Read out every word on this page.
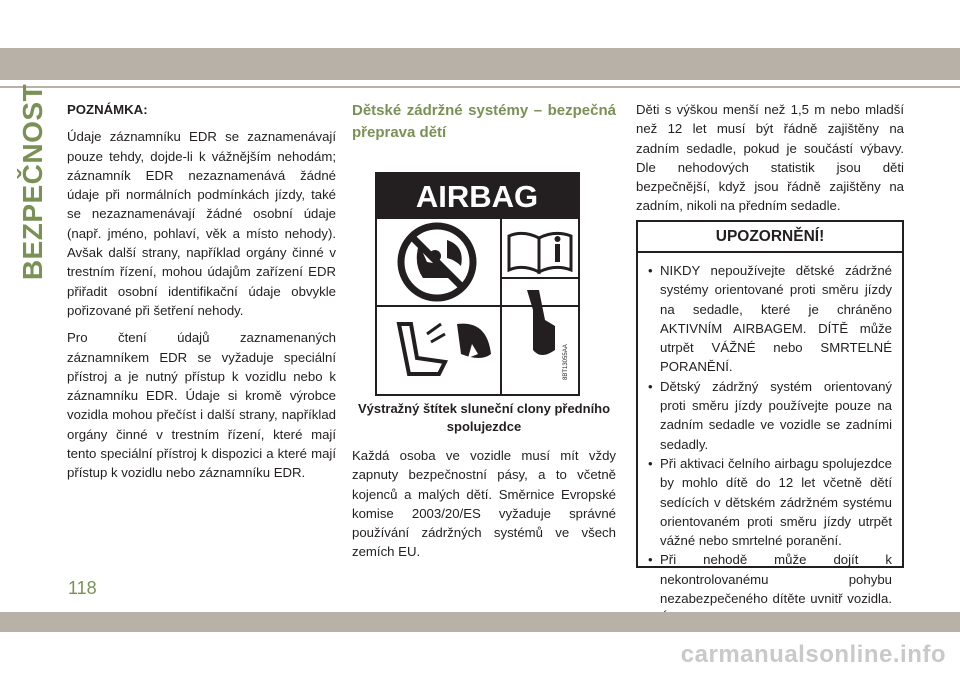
BEZPEČNOST POZNÁMKA:

Údaje záznamníku EDR se zaznamenávají pouze tehdy, dojde-li k vážnějším nehodám; záznamník EDR nezaznamenává žádné údaje při normálních podmínkách jízdy, také se nezaznamenávají žádné osobní údaje (např. jméno, pohlaví, věk a místo nehody). Avšak další strany, například orgány činné v trestním řízení, mohou údajům zařízení EDR přiřadit osobní identifikační údaje obvykle pořizované při šetření nehody.

Pro čtení údajů zaznamenaných záznamníkem EDR se vyžaduje speciální přístroj a je nutný přístup k vozidlu nebo k záznamníku EDR. Údaje si kromě výrobce vozidla mohou přečíst i další strany, například orgány činné v trestním řízení, které mají tento speciální přístroj k dispozici a které mají přístup k vozidlu nebo záznamníku EDR.

Dětské zádržné systémy – bezpečná přeprava dětí

AIRBAG
8BT13055AA
Výstražný štítek sluneční clony předního spolujezdce
Každá osoba ve vozidle musí mít vždy zapnuty bezpečnostní pásy, a to včetně kojenců a malých dětí. Směrnice Evropské komise 2003/20/ES vyžaduje správné používání zádržných systémů ve všech zemích EU.

Děti s výškou menší než 1,5 m nebo mladší než 12 let musí být řádně zajištěny na zadním sedadle, pokud je součástí výbavy. Dle nehodových statistik jsou děti bezpečnější, když jsou řádně zajištěny na zadním, nikoli na předním sedadle.

UPOZORNĚNÍ!
• NIKDY nepoužívejte dětské zádržné systémy orientované proti směru jízdy na sedadle, které je chráněno AKTIVNÍM AIRBAGEM. DÍTĚ může utrpět VÁŽNÉ nebo SMRTELNÉ PORANĚNÍ.
• Dětský zádržný systém orientovaný proti směru jízdy používejte pouze na zadním sedadle ve vozidle se zadními sedadly.
• Při aktivaci čelního airbagu spolujezdce by mohlo dítě do 12 let včetně dětí sedících v dětském zádržném systému orientovaném proti směru jízdy utrpět vážné nebo smrtelné poranění.
• Při nehodě může dojít k nekontrolovanému pohybu nezabezpečeného dítěte uvnitř vozidla.
118
carmanualsonline.info
